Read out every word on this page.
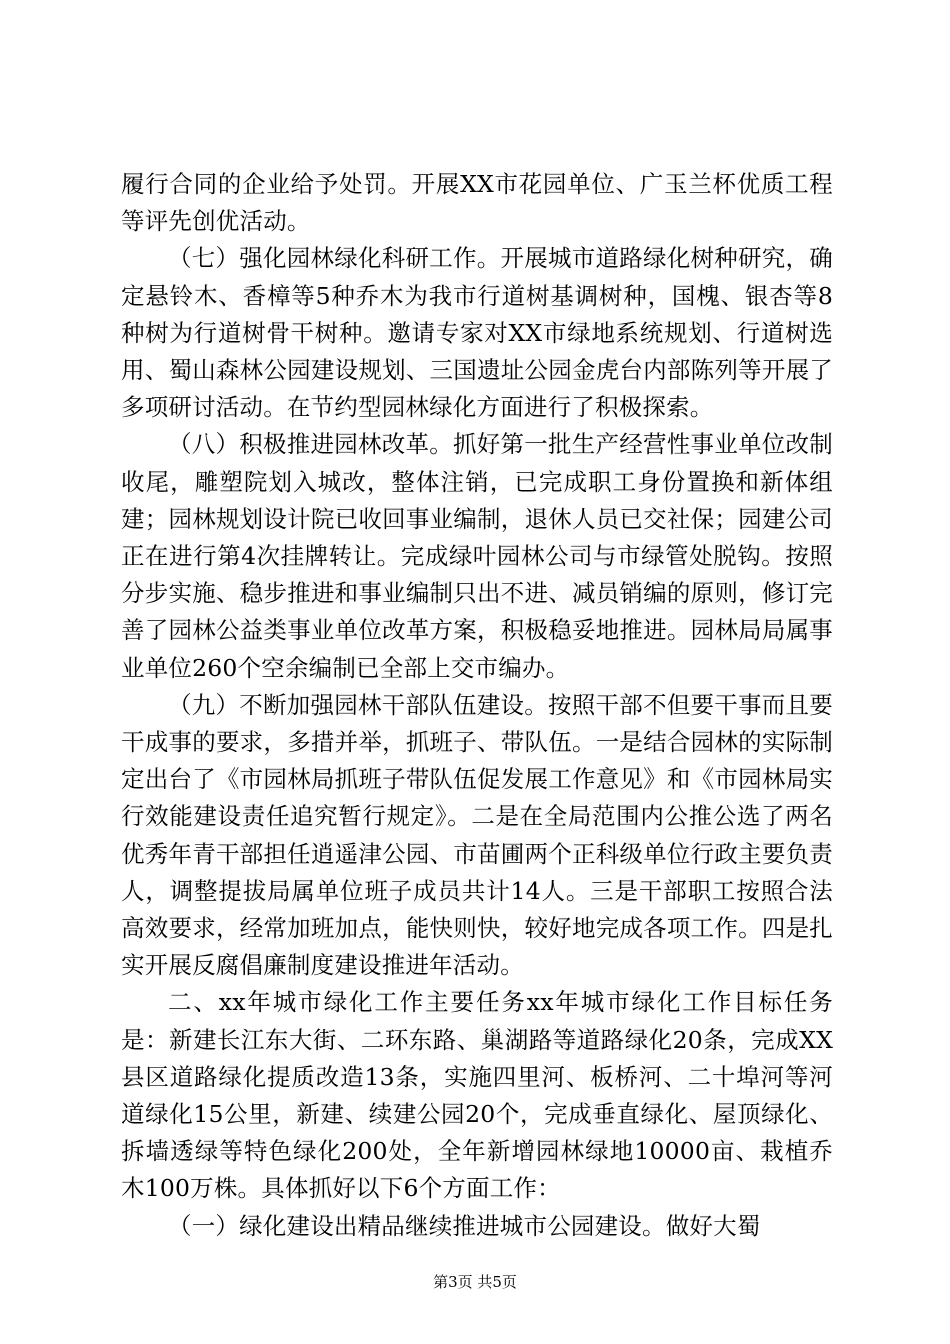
履行合同的企业给予处罚。开展XX市花园单位、广玉兰杯优质工程等评先创优活动。

（七）强化园林绿化科研工作。开展城市道路绿化树种研究，确定悬铃木、香樟等5种乔木为我市行道树基调树种，国槐、银杏等8种树为行道树骨干树种。邀请专家对XX市绿地系统规划、行道树选用、蜀山森林公园建设规划、三国遗址公园金虎台内部陈列等开展了多项研讨活动。在节约型园林绿化方面进行了积极探索。

（八）积极推进园林改革。抓好第一批生产经营性事业单位改制收尾，雕塑院划入城改，整体注销，已完成职工身份置换和新体组建；园林规划设计院已收回事业编制，退休人员已交社保；园建公司正在进行第4次挂牌转让。完成绿叶园林公司与市绿管处脱钩。按照分步实施、稳步推进和事业编制只出不进、减员销编的原则，修订完善了园林公益类事业单位改革方案，积极稳妥地推进。园林局局属事业单位260个空余编制已全部上交市编办。

（九）不断加强园林干部队伍建设。按照干部不但要干事而且要干成事的要求，多措并举，抓班子、带队伍。一是结合园林的实际制定出台了《市园林局抓班子带队伍促发展工作意见》和《市园林局实行效能建设责任追究暂行规定》。二是在全局范围内公推公选了两名优秀年青干部担任逍遥津公园、市苗圃两个正科级单位行政主要负责人，调整提拔局属单位班子成员共计14人。三是干部职工按照合法高效要求，经常加班加点，能快则快，较好地完成各项工作。四是扎实开展反腐倡廉制度建设推进年活动。

二、xx年城市绿化工作主要任务xx年城市绿化工作目标任务是：新建长江东大街、二环东路、巢湖路等道路绿化20条，完成XX县区道路绿化提质改造13条，实施四里河、板桥河、二十埠河等河道绿化15公里，新建、续建公园20个，完成垂直绿化、屋顶绿化、拆墙透绿等特色绿化200处，全年新增园林绿地10000亩、栽植乔木100万株。具体抓好以下6个方面工作：

（一）绿化建设出精品继续推进城市公园建设。做好大蜀

第3页 共5页
